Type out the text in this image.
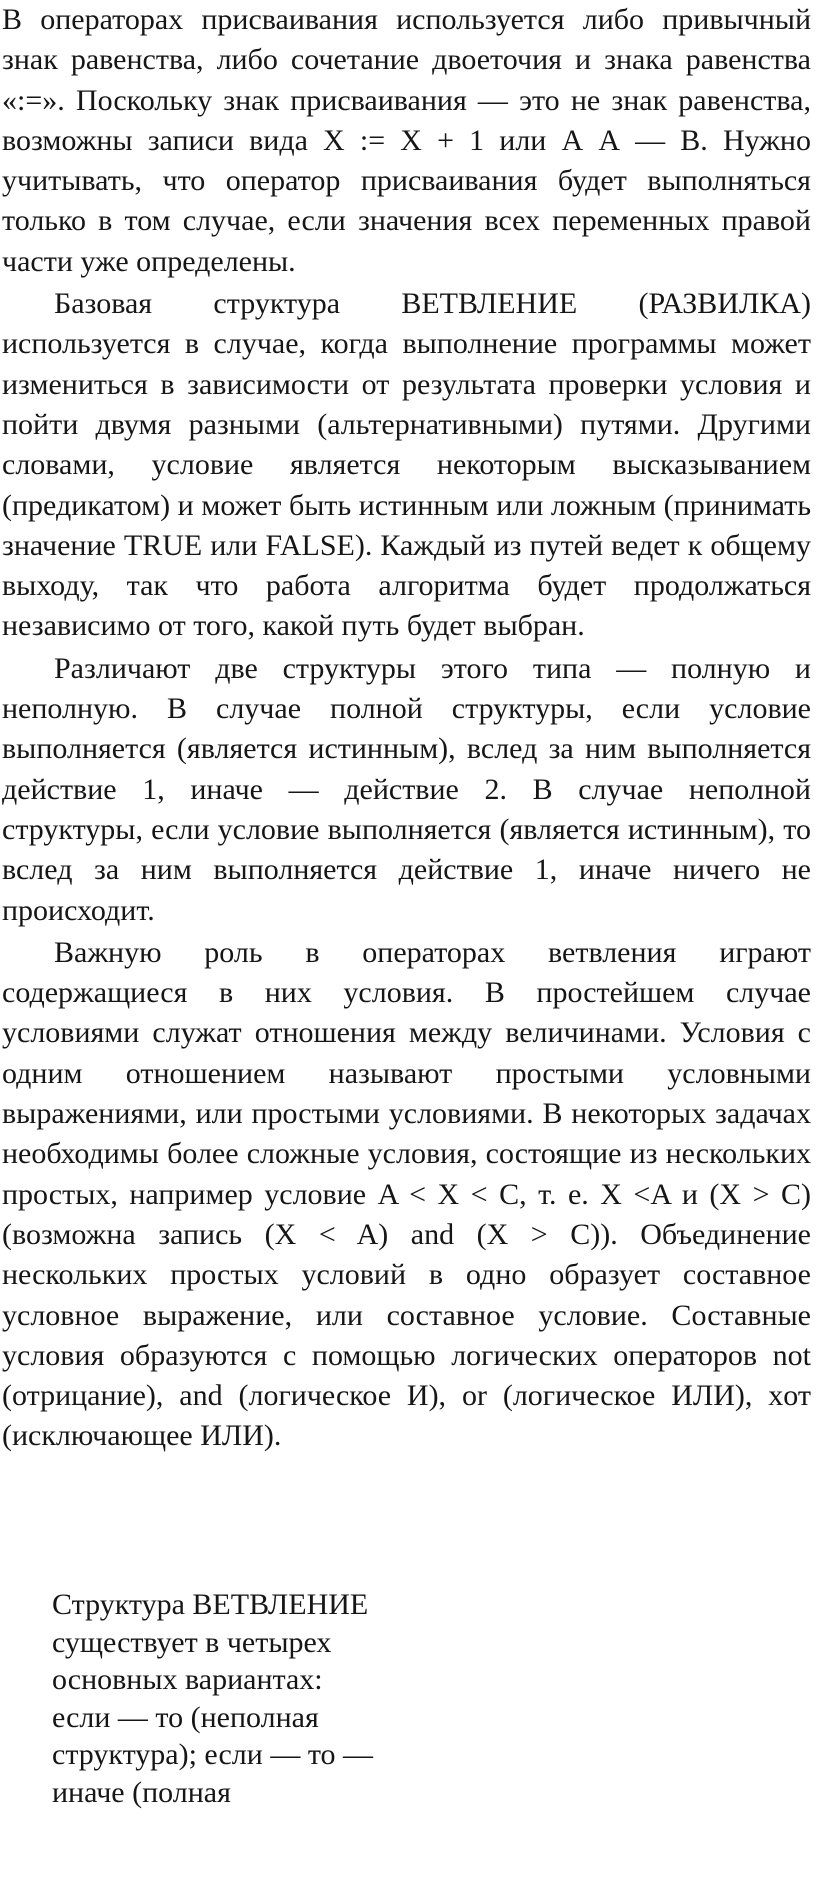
В операторах присваивания используется либо привычный знак равенства, либо сочетание двоеточия и знака равенства «:=». Поскольку знак присваивания — это не знак равенства, возможны записи вида X := X + 1 или А А — В. Нужно учитывать, что оператор присваивания будет выполняться только в том случае, если значения всех переменных правой части уже определены.

Базовая структура ВЕТВЛЕНИЕ (РАЗВИЛКА) используется в случае, когда выполнение программы может измениться в зависимости от результата проверки условия и пойти двумя разными (альтернативными) путями. Другими словами, условие является некоторым высказыванием (предикатом) и может быть истинным или ложным (принимать значение TRUE или FALSE). Каждый из путей ведет к общему выходу, так что работа алгоритма будет продолжаться независимо от того, какой путь будет выбран.

Различают две структуры этого типа — полную и неполную. В случае полной структуры, если условие выполняется (является истинным), вслед за ним выполняется действие 1, иначе — действие 2. В случае неполной структуры, если условие выполняется (является истинным), то вслед за ним выполняется действие 1, иначе ничего не происходит.

Важную роль в операторах ветвления играют содержащиеся в них условия. В простейшем случае условиями служат отношения между величинами. Условия с одним отношением называют простыми условными выражениями, или простыми условиями. В некоторых задачах необходимы более сложные условия, состоящие из нескольких простых, например условие A < X < C, т. е. X <A и (X > C) (возможна запись (X < A) and (X > C)). Объединение нескольких простых условий в одно образует составное условное выражение, или составное условие. Составные условия образуются с помощью логических операторов not (отрицание), and (логическое И), or (логическое ИЛИ), xот (исключающее ИЛИ).

Структура ВЕТВЛЕНИЕ существует в четырех основных вариантах: если — то (неполная структура); если — то — иначе (полная
